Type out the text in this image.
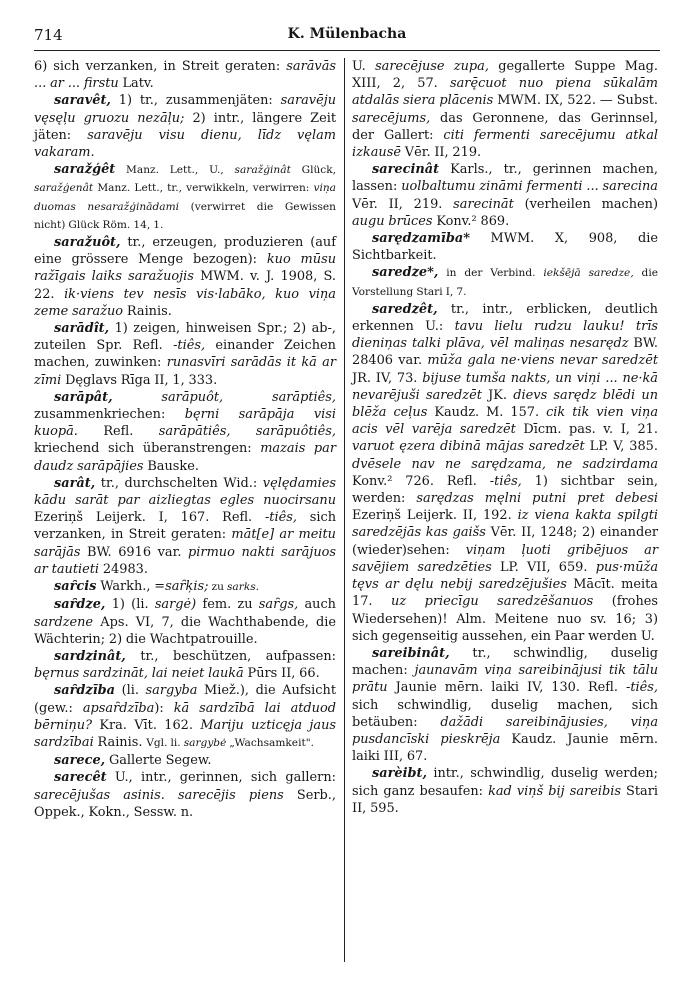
714	K. Mülenbacha

6) sich verzanken, in Streit geraten: sarāvās ... ar ... firstu Latv.

saravêt, 1) tr., zusammenjäten: saravēju vęsęļu gruozu nezāļu; 2) intr., längere Zeit jäten: saravēju visu dienu, līdz vęlam vakaram.

saražģêt Manz. Lett., U., saražģinât Glück, saražģenât Manz. Lett., tr., verwikkeln, verwirren: viņa duomas nesaražģinādami (verwirret die Gewissen nicht) Glück Röm. 14, 1.

saražuôt, tr., erzeugen, produzieren (auf eine grössere Menge bezogen): kuo mūsu ražīgais laiks saražuojis MWM. v. J. 1908, S. 22. ik·viens tev nesīs vis·labāko, kuo viņa zeme saražuo Rainis.

sarādît, 1) zeigen, hinweisen Spr.; 2) ab-, zuteilen Spr. Refl. -tiês, einander Zeichen machen, zuwinken: runasvīri sarādās it kā ar zīmi Dęglavs Rīga II, 1, 333.

sarāpât, sarāpuôt, sarāptiês, zusammenkriechen: bęrni sarāpāja visi kuopā. Refl. sarāpātiês, sarāpuôtiês, kriechend sich überanstrengen: mazais par daudz sarāpājies Bauske.

sarât, tr., durchschelten Wid.: vęlędamies kādu sarāt par aizliegtas egles nuocirsanu Ezeriņš Leijerk. I, 167. Refl. -tiês, sich verzanken, in Streit geraten: māt[e] ar meitu sarājās BW. 6916 var. pirmuo nakti sarājuos ar tautieti 24983.

saȓcis Warkh., =saȓķis; zu sarks.

saȓdze, 1) (li. sargė) fem. zu saȓgs, auch sardzene Aps. VI, 7, die Wachthabende, die Wächterin; 2) die Wachtpatrouille.

sardzinât, tr., beschützen, aufpassen: bęrnus sardzināt, lai neiet laukā Pūrs II, 66.

saȓdzība (li. sargyba Miež.), die Aufsicht (gew.: apsaȓdzība): kā sardzībā lai atduod bērniņu? Kra. Vīt. 162. Mariju uzticęja jaus sardzībai Rainis. Vgl. li. sargybė „Wachsamkeit".

sarece, Gallerte Segew.

sarecêt U., intr., gerinnen, sich gallern: sarecējušas asinis. sarecējis piens Serb., Oppek., Kokn., Sessw. n.

U. sarecējuse zupa, gegallerte Suppe Mag. XIII, 2, 57. sarę̄cuot nuo piena sūkalām atdalās siera plācenis MWM. IX, 522. — Subst. sarecējums, das Geronnene, das Gerinnsel, der Gallert: citi fermenti sarecējumu atkal izkausē Vēr. II, 219.

sarecinât Karls., tr., gerinnen machen, lassen: uolbaltumu zināmi fermenti ... sarecina Vēr. II, 219. sarecināt (verheilen machen) augu brūces Konv.² 869.

sarędzamība* MWM. X, 908, die Sichtbarkeit.

saredze*, in der Verbind. iekšējā saredze, die Vorstellung Stari I, 7.

saredzêt, tr., intr., erblicken, deutlich erkennen U.: tavu lielu rudzu lauku! trīs dieniņas talki plāva, vēl maliņas nesarędz BW. 28406 var. mūža gala ne·viens nevar saredzēt JR. IV, 73. bijuse tumša nakts, un viņi ... ne·kā nevarējuši saredzēt JK. dievs sarędz blēdi un blēža ceļus Kaudz. M. 157. cik tik vien viņa acis vēl varēja saredzēt Dīcm. pas. v. I, 21. varuot ęzera dibinā mājas saredzēt LP. V, 385. dvēsele nav ne sarędzama, ne sadzirdama Konv.² 726. Refl. -tiês, 1) sichtbar sein, werden: sarędzas męlni putni pret debesi Ezeriņš Leijerk. II, 192. iz viena kakta spilgti saredzējās kas gaišs Vēr. II, 1248; 2) einander (wieder)sehen: viņam ļuoti gribējuos ar savējiem saredzēties LP. VII, 659. pus·mūža tęvs ar dęlu nebij saredzējušies Mācīt. meita 17. uz priecīgu saredzēšanuos (frohes Wiedersehen)! Alm. Meitene nuo sv. 16; 3) sich gegenseitig aussehen, ein Paar werden U.

sareibinât, tr., schwindlig, duselig machen: jaunavām viņa sareibinājusi tik tālu prātu Jaunie mērn. laiki IV, 130. Refl. -tiês, sich schwindlig, duselig machen, sich betäuben: dažādi sareibinājusies, viņa pusdancīski pieskrēja Kaudz. Jaunie mērn. laiki III, 67.

sarèibt, intr., schwindlig, duselig werden; sich ganz besaufen: kad viņš bij sareibis Stari II, 595.
